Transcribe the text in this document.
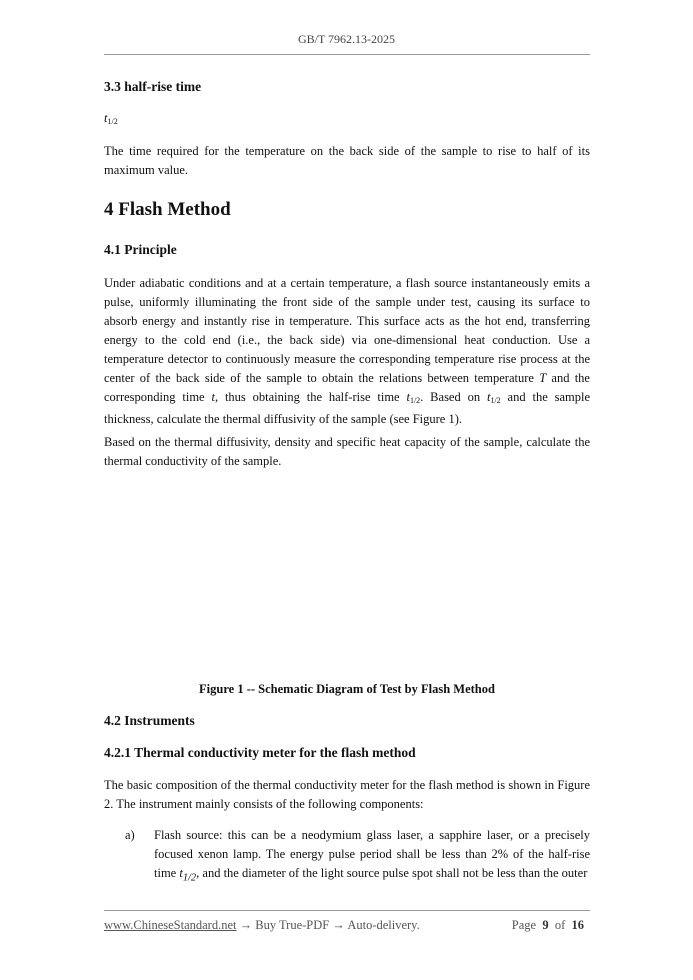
GB/T 7962.13-2025
3.3 half-rise time
$t_{1/2}$
The time required for the temperature on the back side of the sample to rise to half of its maximum value.
4 Flash Method
4.1 Principle
Under adiabatic conditions and at a certain temperature, a flash source instantaneously emits a pulse, uniformly illuminating the front side of the sample under test, causing its surface to absorb energy and instantly rise in temperature. This surface acts as the hot end, transferring energy to the cold end (i.e., the back side) via one-dimensional heat conduction. Use a temperature detector to continuously measure the corresponding temperature rise process at the center of the back side of the sample to obtain the relations between temperature T and the corresponding time t, thus obtaining the half-rise time $t_{1/2}$. Based on $t_{1/2}$ and the sample thickness, calculate the thermal diffusivity of the sample (see Figure 1).
Based on the thermal diffusivity, density and specific heat capacity of the sample, calculate the thermal conductivity of the sample.
Figure 1 -- Schematic Diagram of Test by Flash Method
4.2 Instruments
4.2.1 Thermal conductivity meter for the flash method
The basic composition of the thermal conductivity meter for the flash method is shown in Figure 2. The instrument mainly consists of the following components:
a) Flash source: this can be a neodymium glass laser, a sapphire laser, or a precisely focused xenon lamp. The energy pulse period shall be less than 2% of the half-rise time $t_{1/2}$, and the diameter of the light source pulse spot shall not be less than the outer
www.ChineseStandard.net → Buy True-PDF → Auto-delivery.	Page 9 of 16
